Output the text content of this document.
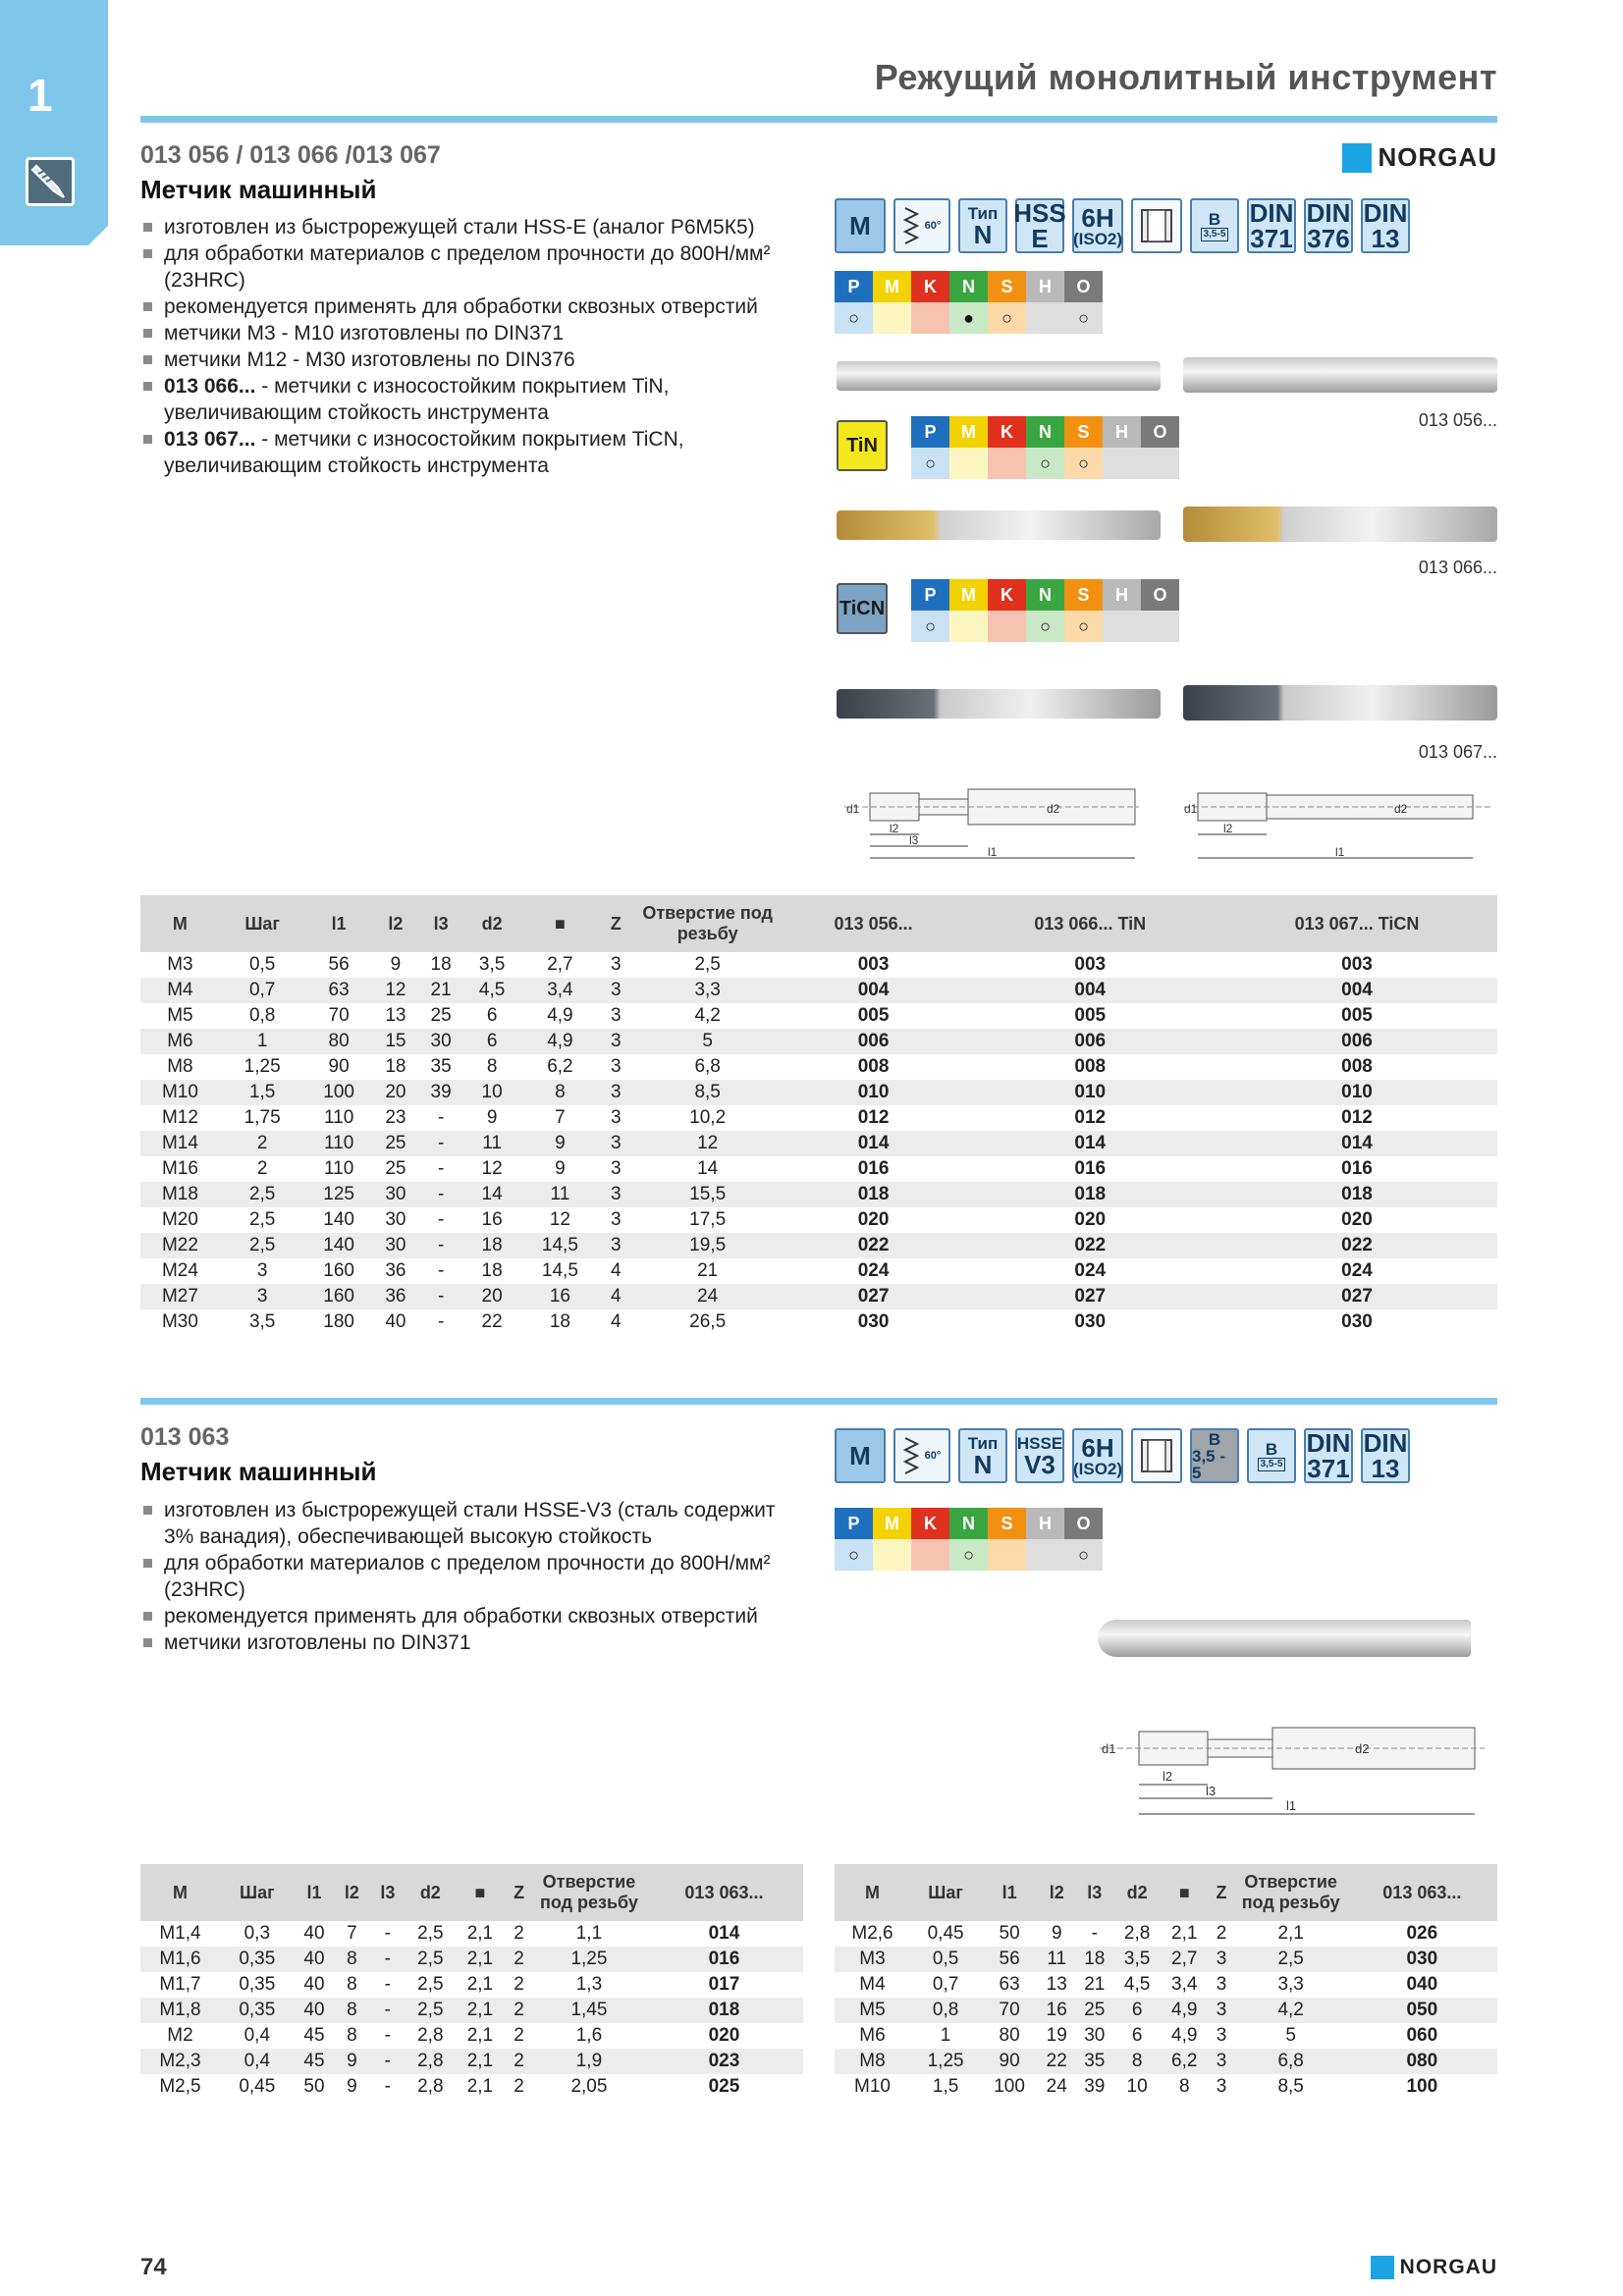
1	Режущий монолитный инструмент
013 056 / 013 066 /013 067
Метчик машинный
NORGAU
изготовлен из быстрорежущей стали HSS-E (аналог Р6М5К5)
для обработки материалов с пределом прочности до 800Н/мм² (23HRC)
рекомендуется применять для обработки сквозных отверстий
метчики М3 - М10 изготовлены по DIN371
метчики М12 - М30 изготовлены по DIN376
013 066... - метчики с износостойким покрытием TiN, увеличивающим стойкость инструмента
013 067... - метчики с износостойким покрытием TiCN, увеличивающим стойкость инструмента
M	60°
Тип
N
HSS
E
6H
(ISO2)
B
3,5-5
DIN
371
DIN
376
DIN
13
P	M	K	N	S	H	O
○			●	○		○
013 056...
TiN
P	M	K	N	S	H	O
○			○	○		
013 066...
TiCN
P	M	K	N	S	H	O
○			○	○		
013 067...
d1	d2
l2
l3
l1
d1	d2
l2
l1
M	Шаг	l1	l2	l3	d2	■	Z	Отверстие под резьбу	013 056...	013 066... TiN	013 067... TiCN
M3	0,5	56	9	18	3,5	2,7	3	2,5	003	003	003
M4	0,7	63	12	21	4,5	3,4	3	3,3	004	004	004
M5	0,8	70	13	25	6	4,9	3	4,2	005	005	005
M6	1	80	15	30	6	4,9	3	5	006	006	006
M8	1,25	90	18	35	8	6,2	3	6,8	008	008	008
M10	1,5	100	20	39	10	8	3	8,5	010	010	010
M12	1,75	110	23	-	9	7	3	10,2	012	012	012
M14	2	110	25	-	11	9	3	12	014	014	014
M16	2	110	25	-	12	9	3	14	016	016	016
M18	2,5	125	30	-	14	11	3	15,5	018	018	018
M20	2,5	140	30	-	16	12	3	17,5	020	020	020
M22	2,5	140	30	-	18	14,5	3	19,5	022	022	022
M24	3	160	36	-	18	14,5	4	21	024	024	024
M27	3	160	36	-	20	16	4	24	027	027	027
M30	3,5	180	40	-	22	18	4	26,5	030	030	030
013 063
Метчик машинный
изготовлен из быстрорежущей стали HSSE-V3 (сталь содержит 3% ванадия), обеспечивающей высокую стойкость
для обработки материалов с пределом прочности до 800Н/мм² (23HRC)
рекомендуется применять для обработки сквозных отверстий
метчики изготовлены по DIN371
M	60°
Тип
N
HSSE
V3
6H
(ISO2)
B
3,5 - 5
B
3,5-5
DIN
371
DIN
13
P	M	K	N	S	H	O
○			○			○
d1	d2
l2
l3
l1
M	Шаг	l1	l2	l3	d2	■	Z	Отверстие под резьбу	013 063...
M1,4	0,3	40	7	-	2,5	2,1	2	1,1	014
M1,6	0,35	40	8	-	2,5	2,1	2	1,25	016
M1,7	0,35	40	8	-	2,5	2,1	2	1,3	017
M1,8	0,35	40	8	-	2,5	2,1	2	1,45	018
M2	0,4	45	8	-	2,8	2,1	2	1,6	020
M2,3	0,4	45	9	-	2,8	2,1	2	1,9	023
M2,5	0,45	50	9	-	2,8	2,1	2	2,05	025
M	Шаг	l1	l2	l3	d2	■	Z	Отверстие под резьбу	013 063...
M2,6	0,45	50	9	-	2,8	2,1	2	2,1	026
M3	0,5	56	11	18	3,5	2,7	3	2,5	030
M4	0,7	63	13	21	4,5	3,4	3	3,3	040
M5	0,8	70	16	25	6	4,9	3	4,2	050
M6	1	80	19	30	6	4,9	3	5	060
M8	1,25	90	22	35	8	6,2	3	6,8	080
M10	1,5	100	24	39	10	8	3	8,5	100
74	NORGAU
